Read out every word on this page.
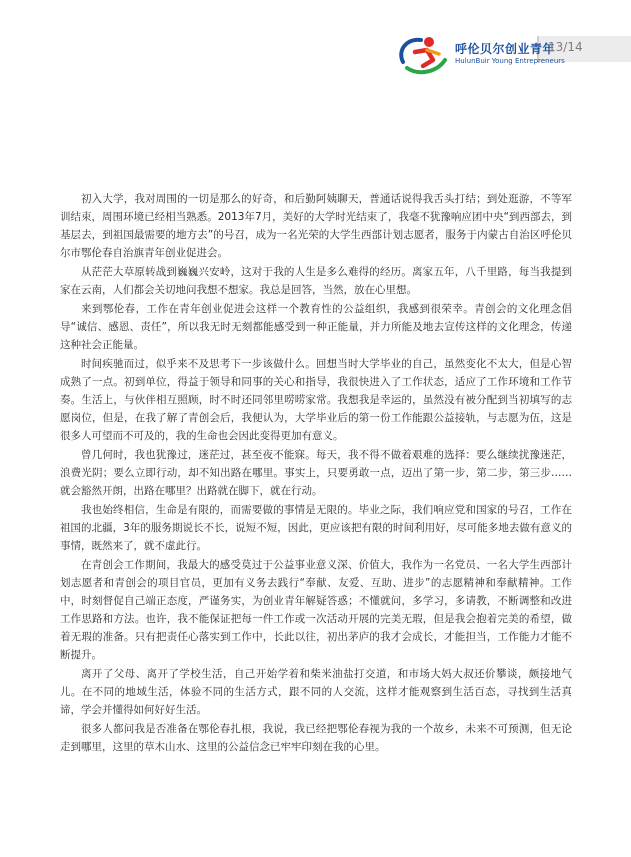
呼伦贝尔创业青年
HulunBuir Young Entrepreneurs
13/14

初入大学，我对周围的一切是那么的好奇，和后勤阿姨聊天，普通话说得我舌头打结；到处逛游，不等军训结束，周围环境已经相当熟悉。2013年7月，美好的大学时光结束了，我毫不犹豫响应团中央“到西部去，到基层去，到祖国最需要的地方去”的号召，成为一名光荣的大学生西部计划志愿者，服务于内蒙古自治区呼伦贝尔市鄂伦春自治旗青年创业促进会。

从茫茫大草原转战到巍巍兴安岭，这对于我的人生是多么难得的经历。离家五年，八千里路，每当我提到家在云南，人们都会关切地问我想不想家。我总是回答，当然，放在心里想。

来到鄂伦春，工作在青年创业促进会这样一个教育性的公益组织，我感到很荣幸。青创会的文化理念倡导“诚信、感恩、责任”，所以我无时无刻都能感受到一种正能量，并力所能及地去宣传这样的文化理念，传递这种社会正能量。

时间疾驰而过，似乎来不及思考下一步该做什么。回想当时大学毕业的自己，虽然变化不太大，但是心智成熟了一点。初到单位，得益于领导和同事的关心和指导，我很快进入了工作状态，适应了工作环境和工作节奏。生活上，与伙伴相互照顾，时不时还同邻里唠唠家常。我想我是幸运的，虽然没有被分配到当初填写的志愿岗位，但是，在我了解了青创会后，我便认为，大学毕业后的第一份工作能跟公益接轨，与志愿为伍，这是很多人可望而不可及的，我的生命也会因此变得更加有意义。

曾几何时，我也犹豫过，迷茫过，甚至夜不能寐。每天，我不得不做着艰难的选择：要么继续扰豫迷茫，浪费光阴；要么立即行动，却不知出路在哪里。事实上，只要勇敢一点，迈出了第一步，第二步，第三步……就会豁然开朗，出路在哪里？出路就在脚下，就在行动。

我也始终相信，生命是有限的，而需要做的事情是无限的。毕业之际，我们响应党和国家的号召，工作在祖国的北疆，3年的服务期说长不长，说短不短，因此，更应该把有限的时间利用好，尽可能多地去做有意义的事情，既然来了，就不虚此行。

在青创会工作期间，我最大的感受莫过于公益事业意义深、价值大，我作为一名党员、一名大学生西部计划志愿者和青创会的项目官员，更加有义务去践行“奉献、友爱、互助、进步”的志愿精神和奉献精神。工作中，时刻督促自己端正态度，严谨务实，为创业青年解疑答惑；不懂就问，多学习，多请教，不断调整和改进工作思路和方法。也许，我不能保证把每一件工作或一次活动开展的完美无瑕，但是我会抱着完美的希望，做着无瑕的准备。只有把责任心落实到工作中，长此以往，初出茅庐的我才会成长，才能担当，工作能力才能不断提升。

离开了父母、离开了学校生活，自己开始学着和柴米油盐打交道，和市场大妈大叔还价攀谈，颇接地气儿。在不同的地域生活，体验不同的生活方式，跟不同的人交流，这样才能观察到生活百态，寻找到生活真谛，学会并懂得如何好好生活。

很多人都问我是否准备在鄂伦春扎根，我说，我已经把鄂伦春视为我的一个故乡，未来不可预测，但无论走到哪里，这里的草木山水、这里的公益信念已牢牢印刻在我的心里。
